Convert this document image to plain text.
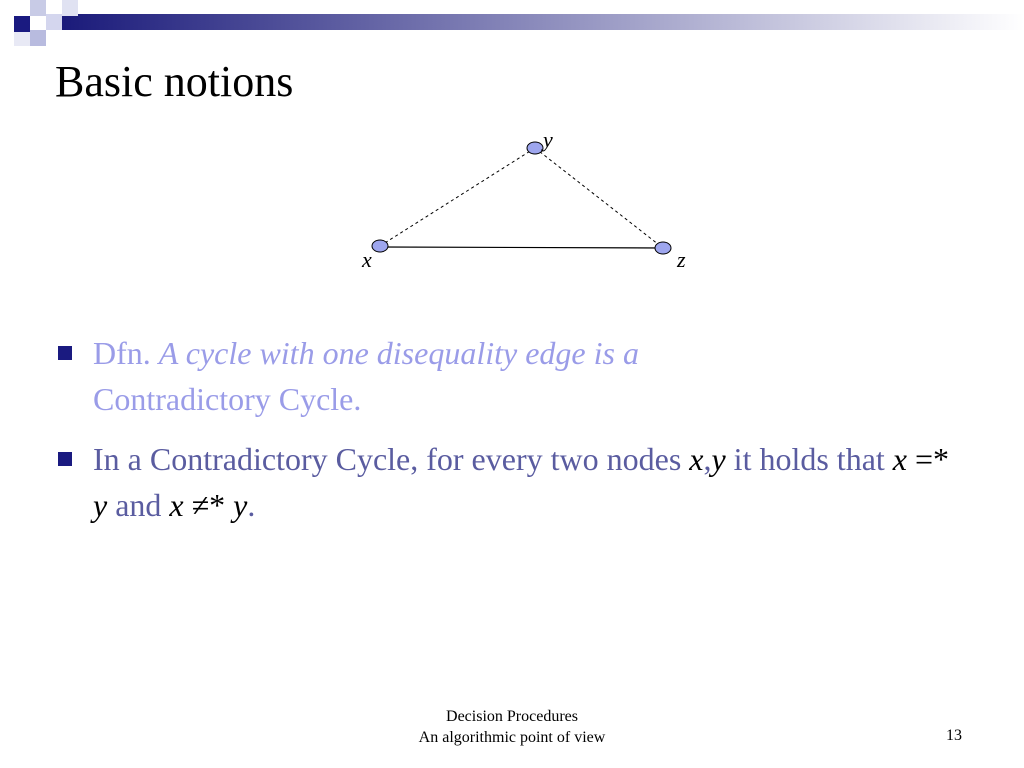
Basic notions
x
y
z
Dfn. A cycle with one disequality edge is a
Contradictory Cycle.
In a Contradictory Cycle, for every two nodes x,y it holds that x =* y and x ≠* y.
Decision Procedures
An algorithmic point of view	13
